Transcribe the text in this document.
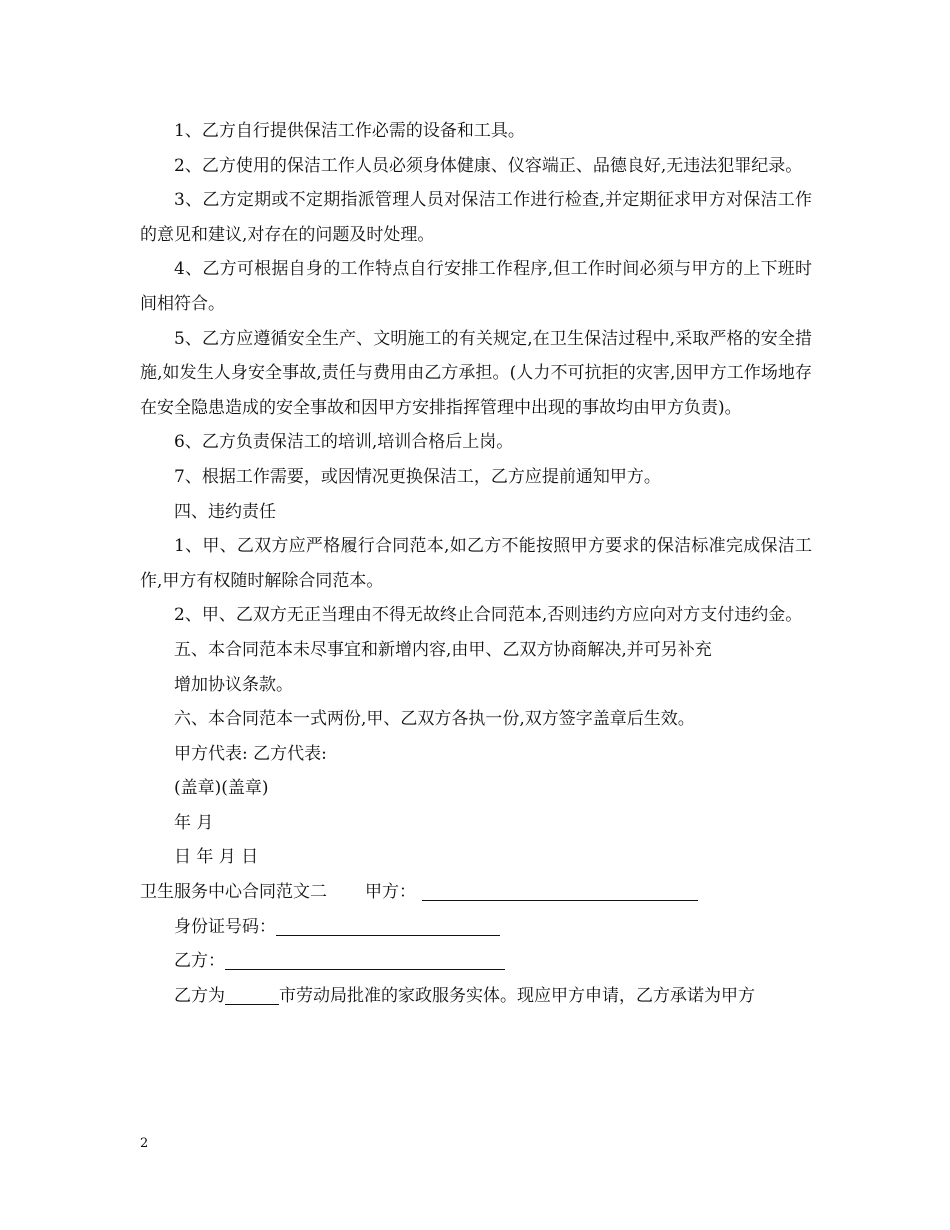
1、乙方自行提供保洁工作必需的设备和工具。

2、乙方使用的保洁工作人员必须身体健康、仪容端正、品德良好,无违法犯罪纪录。

3、乙方定期或不定期指派管理人员对保洁工作进行检查,并定期征求甲方对保洁工作的意见和建议,对存在的问题及时处理。

4、乙方可根据自身的工作特点自行安排工作程序,但工作时间必须与甲方的上下班时间相符合。

5、乙方应遵循安全生产、文明施工的有关规定,在卫生保洁过程中,采取严格的安全措施,如发生人身安全事故,责任与费用由乙方承担。(人力不可抗拒的灾害,因甲方工作场地存在安全隐患造成的安全事故和因甲方安排指挥管理中出现的事故均由甲方负责)。

6、乙方负责保洁工的培训,培训合格后上岗。

7、根据工作需要，或因情况更换保洁工，乙方应提前通知甲方。

四、违约责任

1、甲、乙双方应严格履行合同范本,如乙方不能按照甲方要求的保洁标准完成保洁工作,甲方有权随时解除合同范本。

2、甲、乙双方无正当理由不得无故终止合同范本,否则违约方应向对方支付违约金。

五、本合同范本未尽事宜和新增内容,由甲、乙双方协商解决,并可另补充

增加协议条款。

六、本合同范本一式两份,甲、乙双方各执一份,双方签字盖章后生效。

甲方代表: 乙方代表:

(盖章)(盖章)

年 月

日 年 月 日

卫生服务中心合同范文二 甲方：

身份证号码：

乙方：

乙方为	市劳动局批准的家政服务实体。现应甲方申请，乙方承诺为甲方

2
